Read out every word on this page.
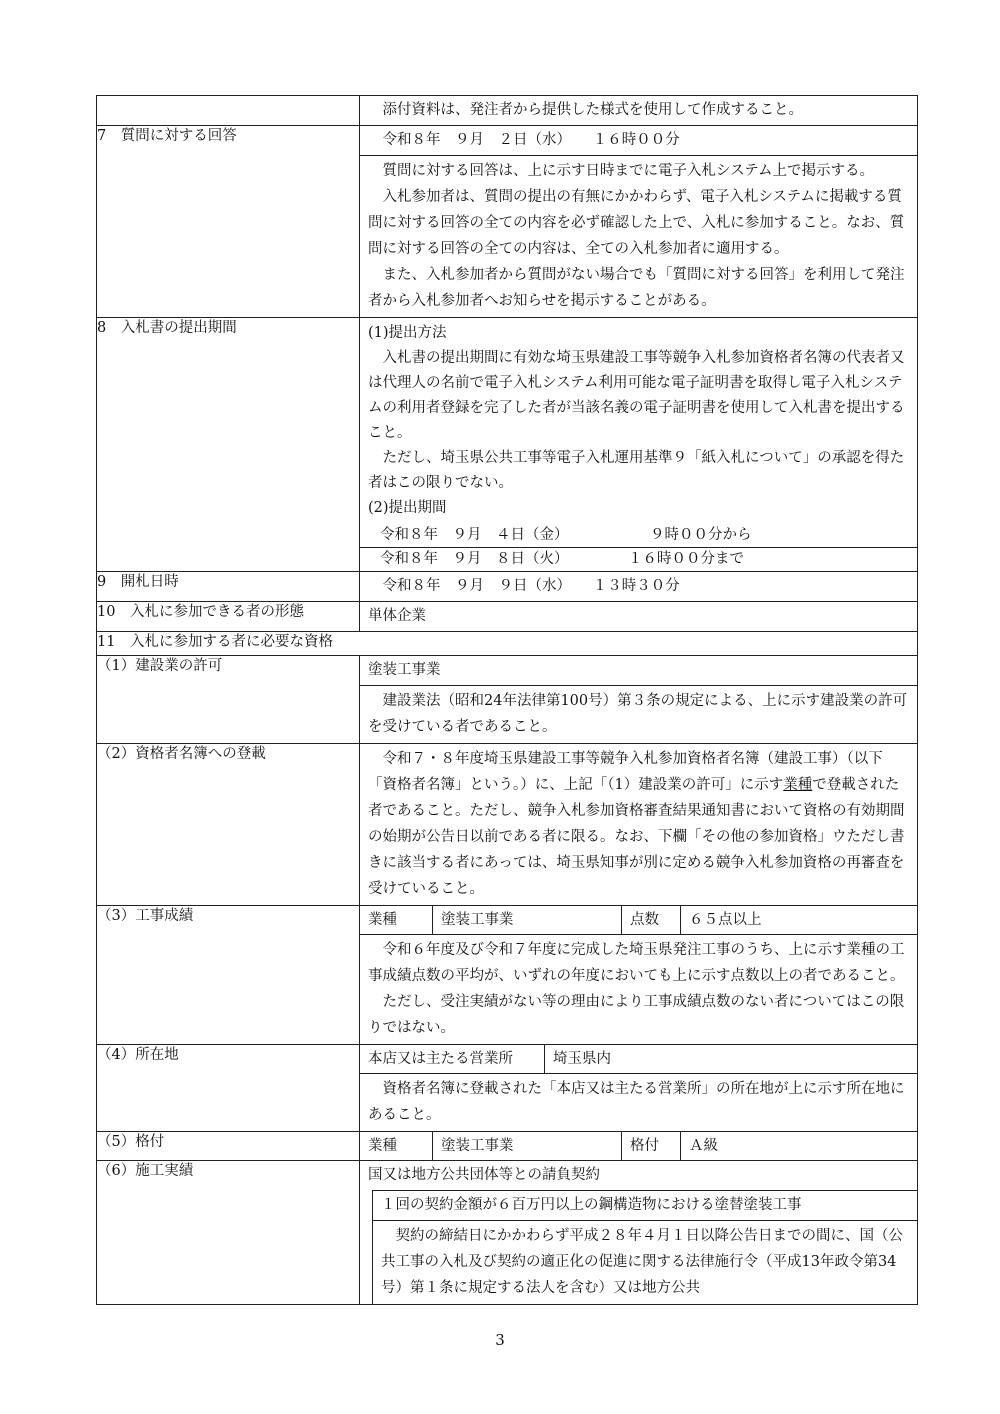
添付資料は、発注者から提供した様式を使用して作成すること。

7　質問に対する回答	令和８年　９月　２日（水）　　１６時００分
質問に対する回答は、上に示す日時までに電子入札システム上で掲示する。
入札参加者は、質問の提出の有無にかかわらず、電子入札システムに掲載する質問に対する回答の全ての内容を必ず確認した上で、入札に参加すること。なお、質問に対する回答の全ての内容は、全ての入札参加者に適用する。
また、入札参加者から質問がない場合でも「質問に対する回答」を利用して発注者から入札参加者へお知らせを掲示することがある。

8　入札書の提出期間	(1)提出方法
入札書の提出期間に有効な埼玉県建設工事等競争入札参加資格者名簿の代表者又は代理人の名前で電子入札システム利用可能な電子証明書を取得し電子入札システムの利用者登録を完了した者が当該名義の電子証明書を使用して入札書を提出すること。
ただし、埼玉県公共工事等電子入札運用基準９「紙入札について」の承認を得た者はこの限りでない。
(2)提出期間
令和８年　９月　４日（金）	９時００分から
令和８年　９月　８日（火）	１６時００分まで

9　開札日時	令和８年　９月　９日（水）　　１３時３０分

10　入札に参加できる者の形態	単体企業

11　入札に参加する者に必要な資格
（1）建設業の許可	塗装工事業
建設業法（昭和24年法律第100号）第３条の規定による、上に示す建設業の許可を受けている者であること。

（2）資格者名簿への登載	令和７・８年度埼玉県建設工事等競争入札参加資格者名簿（建設工事）（以下「資格者名簿」という。）に、上記「（1）建設業の許可」に示す業種で登載された者であること。ただし、競争入札参加資格審査結果通知書において資格の有効期間の始期が公告日以前である者に限る。なお、下欄「その他の参加資格」ウただし書きに該当する者にあっては、埼玉県知事が別に定める競争入札参加資格の再審査を受けていること。

（3）工事成績		業種	塗装工事業	点数	６５点以上
令和６年度及び令和７年度に完成した埼玉県発注工事のうち、上に示す業種の工事成績点数の平均が、いずれの年度においても上に示す点数以上の者であること。
ただし、受注実績がない等の理由により工事成績点数のない者についてはこの限りではない。

（4）所在地		本店又は主たる営業所	埼玉県内
資格者名簿に登載された「本店又は主たる営業所」の所在地が上に示す所在地にあること。

（5）格付		業種	塗装工事業	格付	Ａ級

（6）施工実績	国又は地方公共団体等との請負契約
１回の契約金額が６百万円以上の鋼構造物における塗替塗装工事
契約の締結日にかかわらず平成２８年４月１日以降公告日までの間に、国（公共工事の入札及び契約の適正化の促進に関する法律施行令（平成13年政令第34号）第１条に規定する法人を含む）又は地方公共
3
